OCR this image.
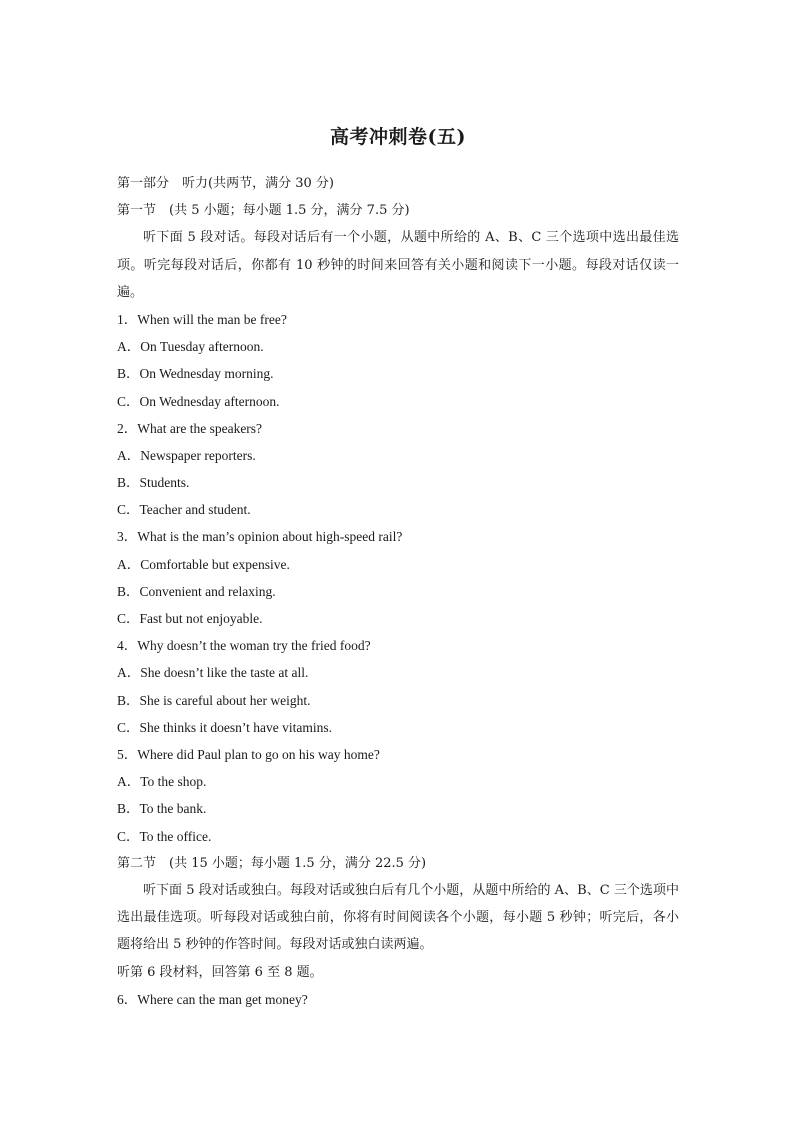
高考冲刺卷(五)
第一部分　听力(共两节，满分 30 分)
第一节　(共 5 小题；每小题 1.5 分，满分 7.5 分)
听下面 5 段对话。每段对话后有一个小题，从题中所给的 A、B、C 三个选项中选出最佳选项。听完每段对话后，你都有 10 秒钟的时间来回答有关小题和阅读下一小题。每段对话仅读一遍。
1．When will the man be free?
A．On Tuesday afternoon.
B．On Wednesday morning.
C．On Wednesday afternoon.
2．What are the speakers?
A．Newspaper reporters.
B．Students.
C．Teacher and student.
3．What is the man’s opinion about high-speed rail?
A．Comfortable but expensive.
B．Convenient and relaxing.
C．Fast but not enjoyable.
4．Why doesn’t the woman try the fried food?
A．She doesn’t like the taste at all.
B．She is careful about her weight.
C．She thinks it doesn’t have vitamins.
5．Where did Paul plan to go on his way home?
A．To the shop.
B．To the bank.
C．To the office.
第二节　(共 15 小题；每小题 1.5 分，满分 22.5 分)
听下面 5 段对话或独白。每段对话或独白后有几个小题，从题中所给的 A、B、C 三个选项中选出最佳选项。听每段对话或独白前，你将有时间阅读各个小题，每小题 5 秒钟；听完后，各小题将给出 5 秒钟的作答时间。每段对话或独白读两遍。
听第 6 段材料，回答第 6 至 8 题。
6．Where can the man get money?
